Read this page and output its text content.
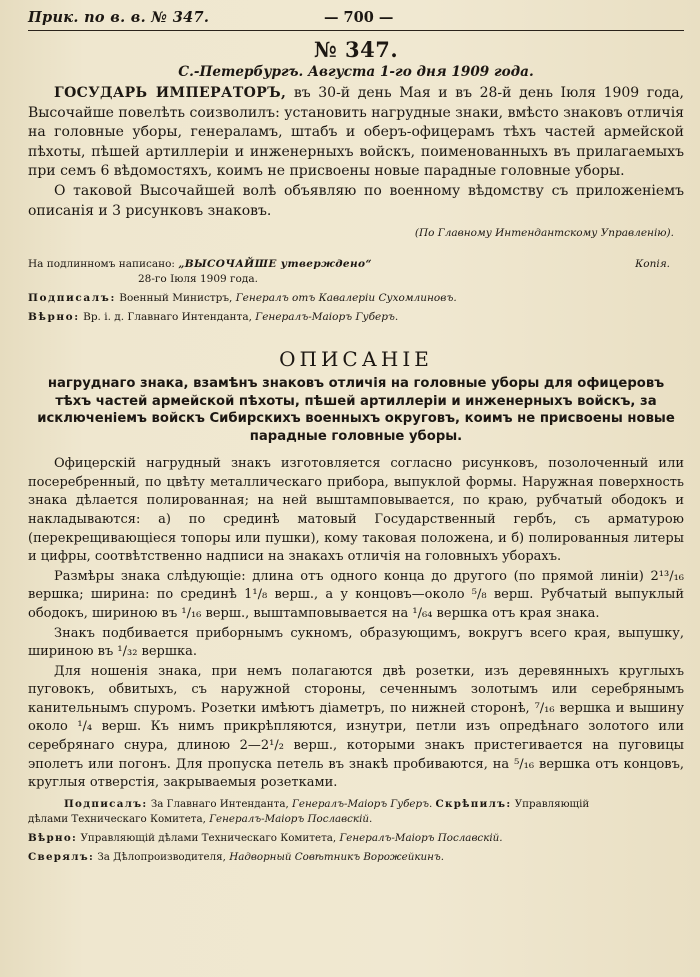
Прик. по в. в. № 347.	— 700 —
№ 347.
С.-Петербургъ. Августа 1-го дня 1909 года.

ГОСУДАРЬ ИМПЕРАТОРЪ, въ 30-й день Мая и въ 28-й день Іюля 1909 года, Высочайше повелѣть соизволилъ: установить нагрудные знаки, вмѣсто знаковъ отличія на головные уборы, генераламъ, штабъ и оберъ-офицерамъ тѣхъ частей армейской пѣхоты, пѣшей артиллеріи и инженерныхъ войскъ, поименованныхъ въ прилагаемыхъ при семъ 6 вѣдомостяхъ, коимъ не присвоены новые парадные головные уборы.

О таковой Высочайшей волѣ объявляю по военному вѣдомству съ приложеніемъ описанія и 3 рисунковъ знаковъ.

(По Главному Интендантскому Управленію).
На подлинномъ написано: „ВЫСОЧАЙШЕ утверждено“	Копія.
28-го Іюля 1909 года.
Подписалъ: Военный Министръ, Генералъ отъ Кавалеріи Сухомлиновъ.
Вѣрно: Вр. і. д. Главнаго Интенданта, Генералъ-Маіоръ Губеръ.
ОПИСАНІЕ
нагруднаго знака, взамѣнъ знаковъ отличія на головные уборы для офицеровъ тѣхъ частей армейской пѣхоты, пѣшей артиллеріи и инженерныхъ войскъ, за исключеніемъ войскъ Сибирскихъ военныхъ округовъ, коимъ не присвоены новые парадные головные уборы.

Офицерскій нагрудный знакъ изготовляется согласно рисунковъ, позолоченный или посеребренный, по цвѣту металлическаго прибора, выпуклой формы. Наружная поверхность знака дѣлается полированная; на ней выштамповывается, по краю, рубчатый ободокъ и накладываются: а) по срединѣ матовый Государственный гербъ, съ арматурою (перекрещивающіеся топоры или пушки), кому таковая положена, и б) полированныя литеры и цифры, соотвѣтственно надписи на знакахъ отличія на головныхъ уборахъ.

Размѣры знака слѣдующіе: длина отъ одного конца до другого (по прямой линіи) 2¹³/₁₆ вершка; ширина: по срединѣ 1¹/₈ верш., а у концовъ—около ⁵/₈ верш. Рубчатый выпуклый ободокъ, шириною въ ¹/₁₆ верш., выштамповывается на ¹/₆₄ вершка отъ края знака.

Знакъ подбивается приборнымъ сукномъ, образующимъ, вокругъ всего края, выпушку, шириною въ ¹/₃₂ вершка.

Для ношенія знака, при немъ полагаются двѣ розетки, изъ деревянныхъ круглыхъ пуговокъ, обвитыхъ, съ наружной стороны, сеченнымъ золотымъ или серебрянымъ канительнымъ спуромъ. Розетки имѣютъ діаметръ, по нижней сторонѣ, ⁷/₁₆ вершка и вышину около ¹/₄ верш. Къ нимъ прикрѣпляются, изнутри, петли изъ опредѣнаго золотого или серебрянаго снура, длиною 2—2¹/₂ верш., которыми знакъ пристегивается на пуговицы эполетъ или погонъ. Для пропуска петель въ знакѣ пробиваются, на ⁵/₁₆ вершка отъ концовъ, круглыя отверстія, закрываемыя розетками.

Подписалъ: За Главнаго Интенданта, Генералъ-Маіоръ Губеръ. Скрѣпилъ: Управляющій

дѣлами Техническаго Комитета, Генералъ-Маіоръ Пославскій.

Вѣрно: Управляющій дѣлами Техническаго Комитета, Генералъ-Маіоръ Пославскій.

Сверялъ: За Дѣлопроизводителя, Надворный Совѣтникъ Ворожейкинъ.
